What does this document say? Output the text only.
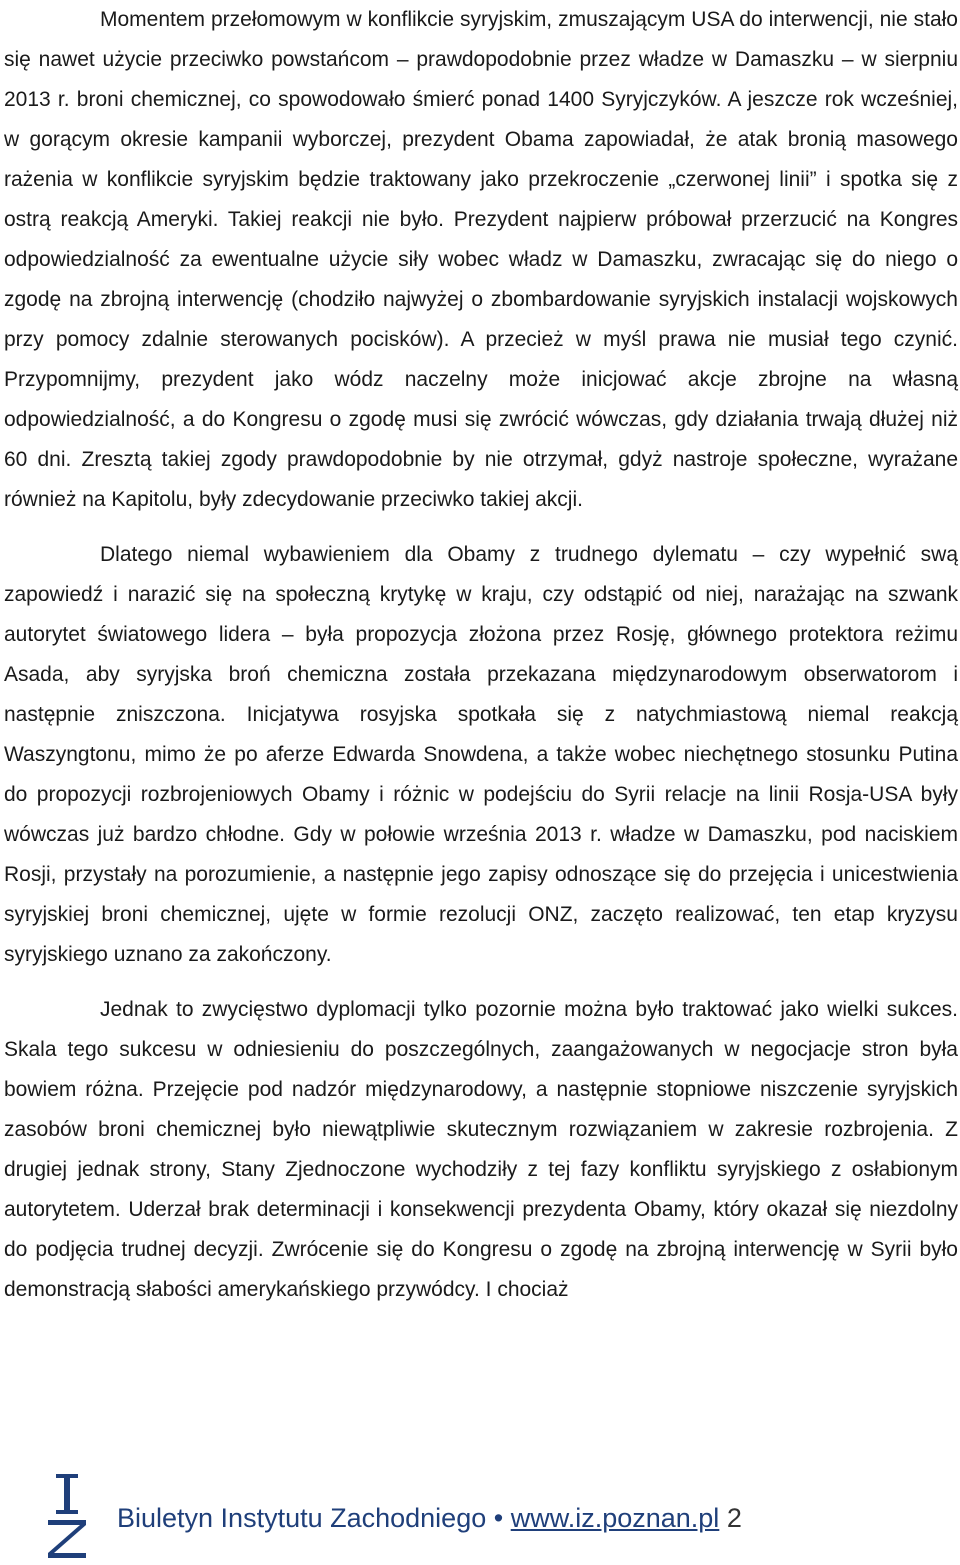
Momentem przełomowym w konflikcie syryjskim, zmuszającym USA do interwencji, nie stało się nawet użycie przeciwko powstańcom – prawdopodobnie przez władze w Damaszku – w sierpniu 2013 r. broni chemicznej, co spowodowało śmierć ponad 1400 Syryjczyków. A jeszcze rok wcześniej, w gorącym okresie kampanii wyborczej, prezydent Obama zapowiadał, że atak bronią masowego rażenia w konflikcie syryjskim będzie traktowany jako przekroczenie „czerwonej linii” i spotka się z ostrą reakcją Ameryki. Takiej reakcji nie było. Prezydent najpierw próbował przerzucić na Kongres odpowiedzialność za ewentualne użycie siły wobec władz w Damaszku, zwracając się do niego o zgodę na zbrojną interwencję (chodziło najwyżej o zbombardowanie syryjskich instalacji wojskowych przy pomocy zdalnie sterowanych pocisków). A przecież w myśl prawa nie musiał tego czynić. Przypomnijmy, prezydent jako wódz naczelny może inicjować akcje zbrojne na własną odpowiedzialność, a do Kongresu o zgodę musi się zwrócić wówczas, gdy działania trwają dłużej niż 60 dni. Zresztą takiej zgody prawdopodobnie by nie otrzymał, gdyż nastroje społeczne, wyrażane również na Kapitolu, były zdecydowanie przeciwko takiej akcji.

Dlatego niemal wybawieniem dla Obamy z trudnego dylematu – czy wypełnić swą zapowiedź i narazić się na społeczną krytykę w kraju, czy odstąpić od niej, narażając na szwank autorytet światowego lidera – była propozycja złożona przez Rosję, głównego protektora reżimu Asada, aby syryjska broń chemiczna została przekazana międzynarodowym obserwatorom i następnie zniszczona. Inicjatywa rosyjska spotkała się z natychmiastową niemal reakcją Waszyngtonu, mimo że po aferze Edwarda Snowdena, a także wobec niechętnego stosunku Putina do propozycji rozbrojeniowych Obamy i różnic w podejściu do Syrii relacje na linii Rosja-USA były wówczas już bardzo chłodne. Gdy w połowie września 2013 r. władze w Damaszku, pod naciskiem Rosji, przystały na porozumienie, a następnie jego zapisy odnoszące się do przejęcia i unicestwienia syryjskiej broni chemicznej, ujęte w formie rezolucji ONZ, zaczęto realizować, ten etap kryzysu syryjskiego uznano za zakończony.

Jednak to zwycięstwo dyplomacji tylko pozornie można było traktować jako wielki sukces. Skala tego sukcesu w odniesieniu do poszczególnych, zaangażowanych w negocjacje stron była bowiem różna. Przejęcie pod nadzór międzynarodowy, a następnie stopniowe niszczenie syryjskich zasobów broni chemicznej było niewątpliwie skutecznym rozwiązaniem w zakresie rozbrojenia. Z drugiej jednak strony, Stany Zjednoczone wychodziły z tej fazy konfliktu syryjskiego z osłabionym autorytetem. Uderzał brak determinacji i konsekwencji prezydenta Obamy, który okazał się niezdolny do podjęcia trudnej decyzji. Zwrócenie się do Kongresu o zgodę na zbrojną interwencję w Syrii było demonstracją słabości amerykańskiego przywódcy. I chociaż

Biuletyn Instytutu Zachodniego • www.iz.poznan.pl 2
